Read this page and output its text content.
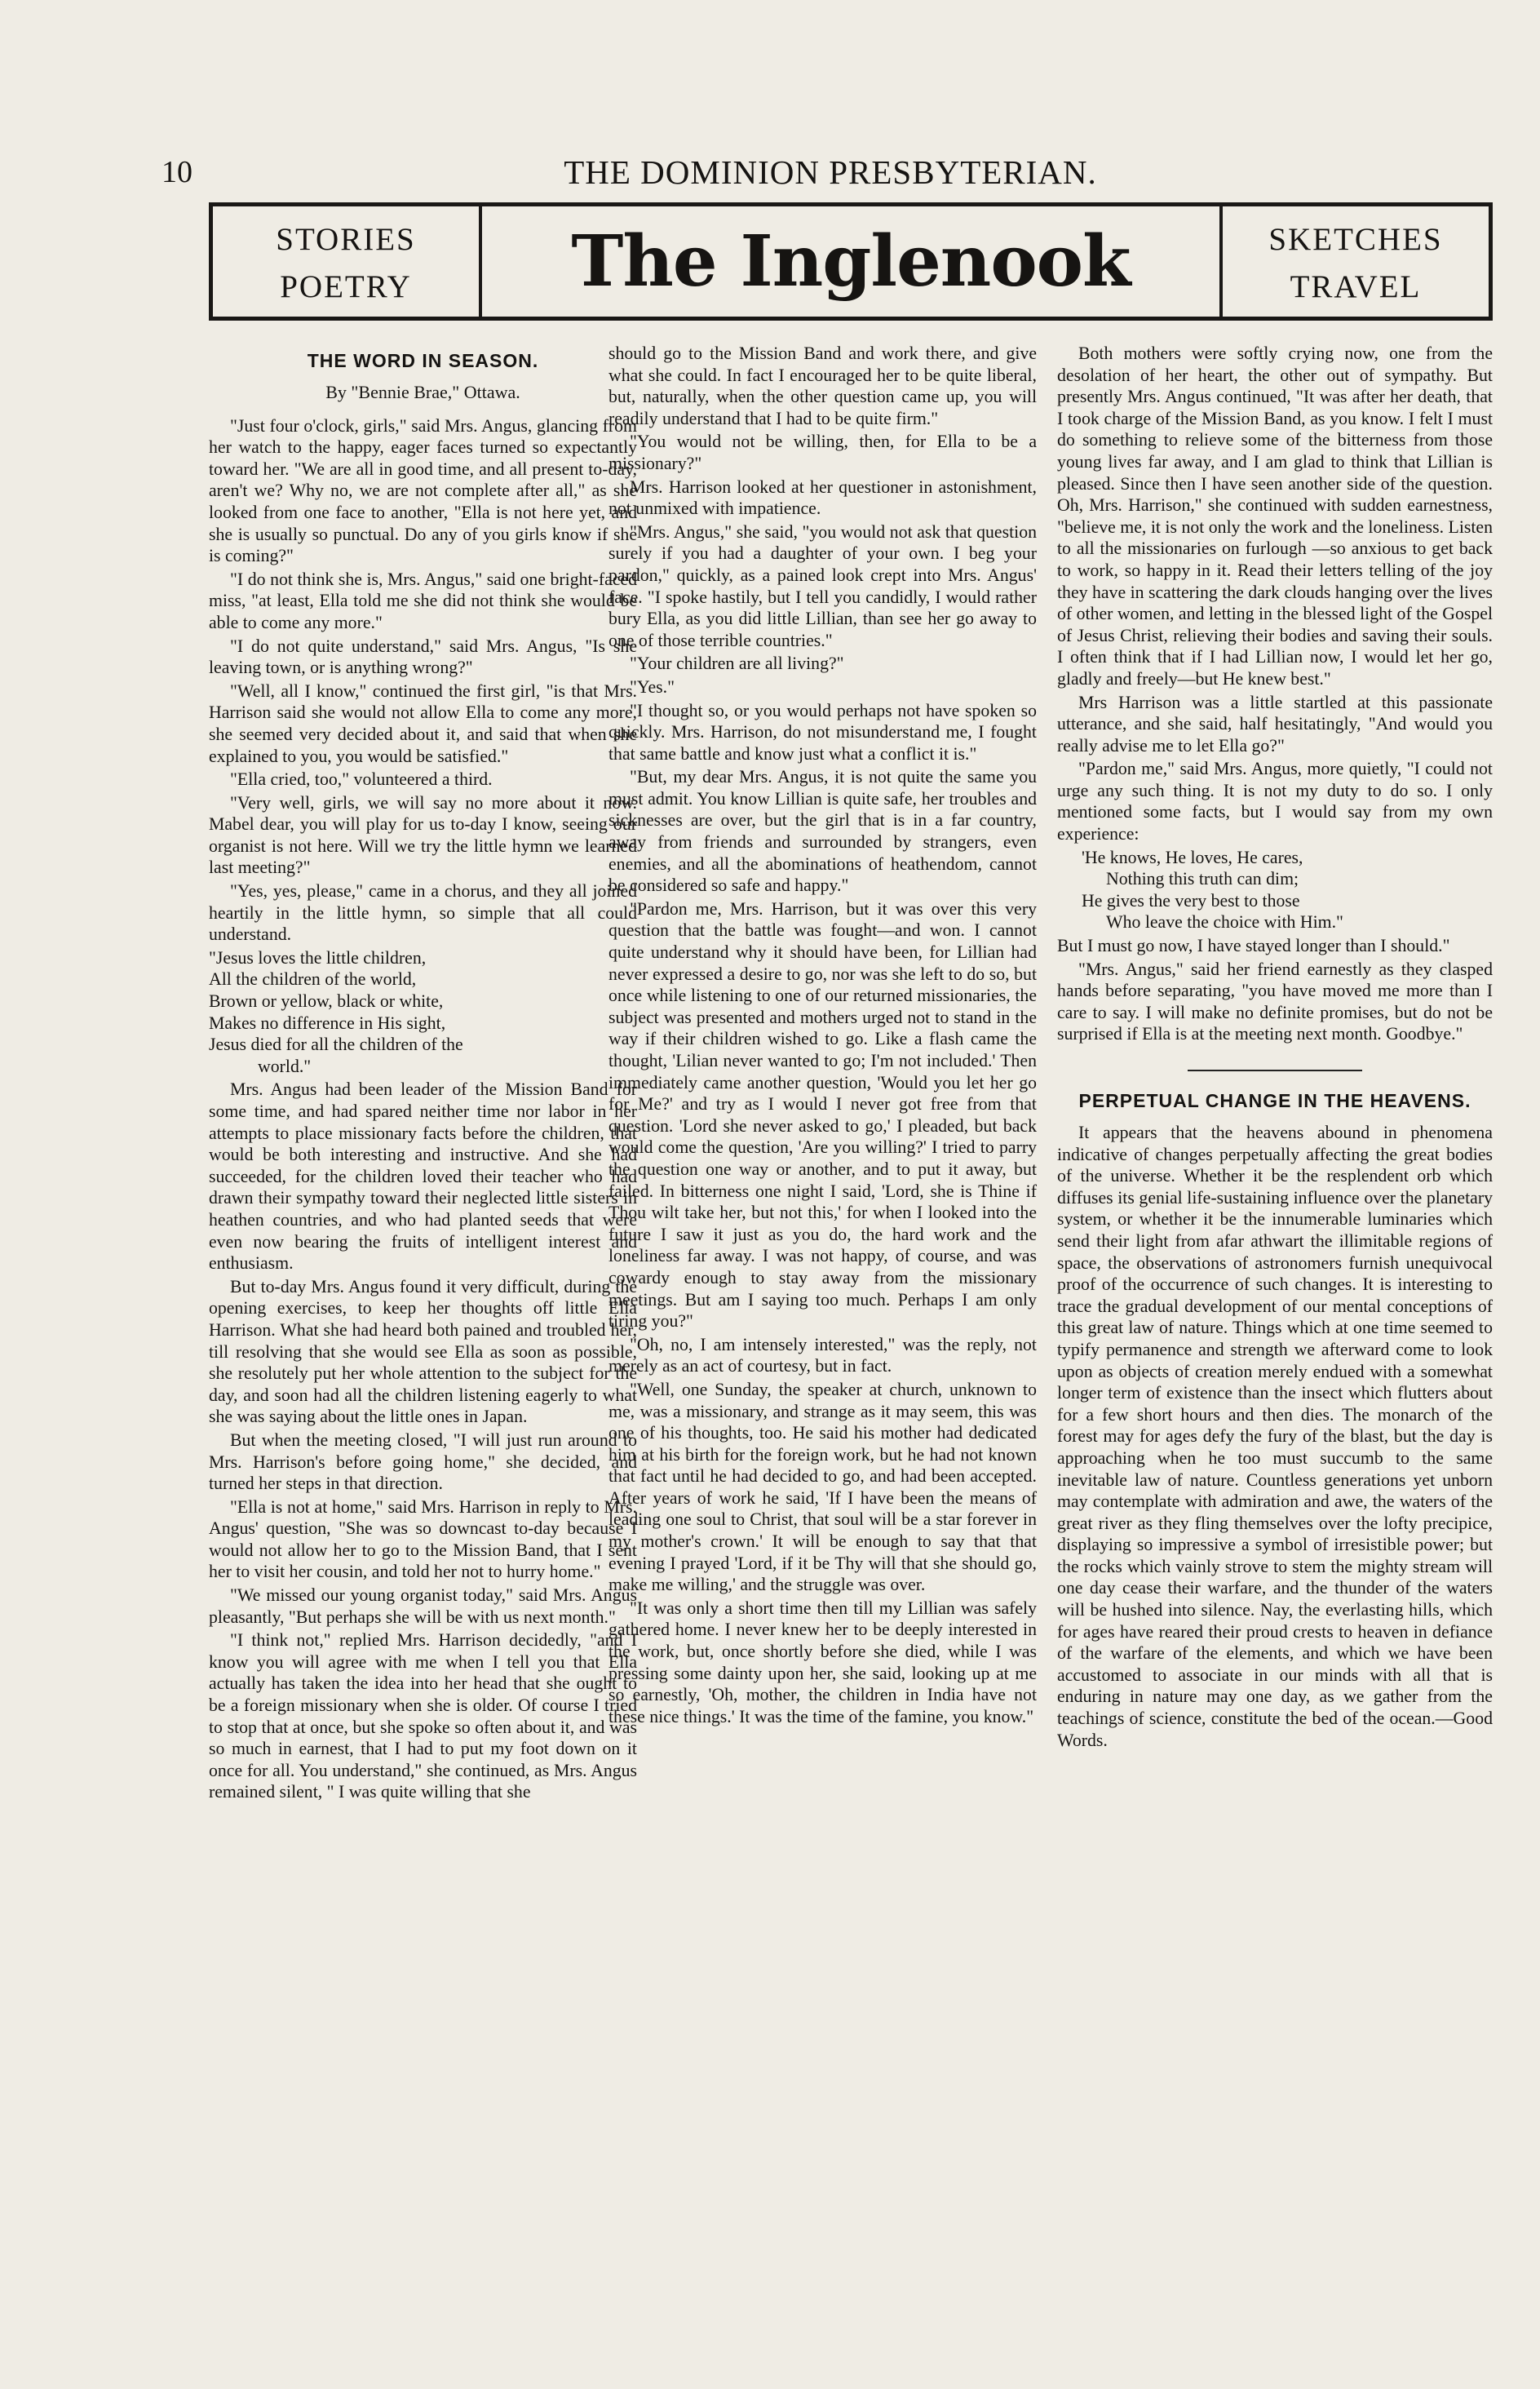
10	THE DOMINION PRESBYTERIAN.
STORIES
POETRY	The Inglenook	SKETCHES
TRAVEL
THE WORD IN SEASON.
By "Bennie Brae," Ottawa.

"Just four o'clock, girls," said Mrs. Angus, glancing from her watch to the happy, eager faces turned so expectantly toward her. "We are all in good time, and all present to-day, aren't we? Why no, we are not complete after all," as she looked from one face to another, "Ella is not here yet, and she is usually so punctual. Do any of you girls know if she is coming?"

"I do not think she is, Mrs. Angus," said one bright-faced miss, "at least, Ella told me she did not think she would be able to come any more."

"I do not quite understand," said Mrs. Angus, "Is she leaving town, or is anything wrong?"

"Well, all I know," continued the first girl, "is that Mrs. Harrison said she would not allow Ella to come any more, she seemed very decided about it, and said that when she explained to you, you would be satisfied."

"Ella cried, too," volunteered a third.

"Very well, girls, we will say no more about it now. Mabel dear, you will play for us to-day I know, seeing our organist is not here. Will we try the little hymn we learned last meeting?"

"Yes, yes, please," came in a chorus, and they all joined heartily in the little hymn, so simple that all could understand.

"Jesus loves the little children,
All the children of the world,
Brown or yellow, black or white,
Makes no difference in His sight,
Jesus died for all the children of the
world."

Mrs. Angus had been leader of the Mission Band for some time, and had spared neither time nor labor in her attempts to place missionary facts before the children, that would be both interesting and instructive. And she had succeeded, for the children loved their teacher who had drawn their sympathy toward their neglected little sisters in heathen countries, and who had planted seeds that were even now bearing the fruits of intelligent interest and enthusiasm.

But to-day Mrs. Angus found it very difficult, during the opening exercises, to keep her thoughts off little Ella Harrison. What she had heard both pained and troubled her, till resolving that she would see Ella as soon as possible, she resolutely put her whole attention to the subject for the day, and soon had all the children listening eagerly to what she was saying about the little ones in Japan.

But when the meeting closed, "I will just run around to Mrs. Harrison's before going home," she decided, and turned her steps in that direction.

"Ella is not at home," said Mrs. Harrison in reply to Mrs. Angus' question, "She was so downcast to-day because I would not allow her to go to the Mission Band, that I sent her to visit her cousin, and told her not to hurry home."

"We missed our young organist today," said Mrs. Angus pleasantly, "But perhaps she will be with us next month."

"I think not," replied Mrs. Harrison decidedly, "and I know you will agree with me when I tell you that Ella actually has taken the idea into her head that she ought to be a foreign missionary when she is older. Of course I tried to stop that at once, but she spoke so often about it, and was so much in earnest, that I had to put my foot down on it once for all. You understand," she continued, as Mrs. Angus remained silent, " I was quite willing that she

should go to the Mission Band and work there, and give what she could. In fact I encouraged her to be quite liberal, but, naturally, when the other question came up, you will readily understand that I had to be quite firm."

"You would not be willing, then, for Ella to be a missionary?"

Mrs. Harrison looked at her questioner in astonishment, not unmixed with impatience.

"Mrs. Angus," she said, "you would not ask that question surely if you had a daughter of your own. I beg your pardon," quickly, as a pained look crept into Mrs. Angus' face. "I spoke hastily, but I tell you candidly, I would rather bury Ella, as you did little Lillian, than see her go away to one of those terrible countries."

"Your children are all living?"

"Yes."

"I thought so, or you would perhaps not have spoken so quickly. Mrs. Harrison, do not misunderstand me, I fought that same battle and know just what a conflict it is."

"But, my dear Mrs. Angus, it is not quite the same you must admit. You know Lillian is quite safe, her troubles and sicknesses are over, but the girl that is in a far country, away from friends and surrounded by strangers, even enemies, and all the abominations of heathendom, cannot be considered so safe and happy."

"Pardon me, Mrs. Harrison, but it was over this very question that the battle was fought—and won. I cannot quite understand why it should have been, for Lillian had never expressed a desire to go, nor was she left to do so, but once while listening to one of our returned missionaries, the subject was presented and mothers urged not to stand in the way if their children wished to go. Like a flash came the thought, 'Lilian never wanted to go; I'm not included.' Then immediately came another question, 'Would you let her go for Me?' and try as I would I never got free from that question. 'Lord she never asked to go,' I pleaded, but back would come the question, 'Are you willing?' I tried to parry the question one way or another, and to put it away, but failed. In bitterness one night I said, 'Lord, she is Thine if Thou wilt take her, but not this,' for when I looked into the future I saw it just as you do, the hard work and the loneliness far away. I was not happy, of course, and was cowardy enough to stay away from the missionary meetings. But am I saying too much. Perhaps I am only tiring you?"

"Oh, no, I am intensely interested," was the reply, not merely as an act of courtesy, but in fact.

"Well, one Sunday, the speaker at church, unknown to me, was a missionary, and strange as it may seem, this was one of his thoughts, too. He said his mother had dedicated him at his birth for the foreign work, but he had not known that fact until he had decided to go, and had been accepted. After years of work he said, 'If I have been the means of leading one soul to Christ, that soul will be a star forever in my mother's crown.' It will be enough to say that that evening I prayed 'Lord, if it be Thy will that she should go, make me willing,' and the struggle was over.

"It was only a short time then till my Lillian was safely gathered home. I never knew her to be deeply interested in the work, but, once shortly before she died, while I was pressing some dainty upon her, she said, looking up at me so earnestly, 'Oh, mother, the children in India have not these nice things.' It was the time of the famine, you know."

Both mothers were softly crying now, one from the desolation of her heart, the other out of sympathy. But presently Mrs. Angus continued, "It was after her death, that I took charge of the Mission Band, as you know. I felt I must do something to relieve some of the bitterness from those young lives far away, and I am glad to think that Lillian is pleased. Since then I have seen another side of the question. Oh, Mrs. Harrison," she continued with sudden earnestness, "believe me, it is not only the work and the loneliness. Listen to all the missionaries on furlough —so anxious to get back to work, so happy in it. Read their letters telling of the joy they have in scattering the dark clouds hanging over the lives of other women, and letting in the blessed light of the Gospel of Jesus Christ, relieving their bodies and saving their souls. I often think that if I had Lillian now, I would let her go, gladly and freely—but He knew best."

Mrs Harrison was a little startled at this passionate utterance, and she said, half hesitatingly, "And would you really advise me to let Ella go?"

"Pardon me," said Mrs. Angus, more quietly, "I could not urge any such thing. It is not my duty to do so. I only mentioned some facts, but I would say from my own experience:

'He knows, He loves, He cares,
Nothing this truth can dim;
He gives the very best to those
Who leave the choice with Him."

But I must go now, I have stayed longer than I should."

"Mrs. Angus," said her friend earnestly as they clasped hands before separating, "you have moved me more than I care to say. I will make no definite promises, but do not be surprised if Ella is at the meeting next month. Goodbye."

PERPETUAL CHANGE IN THE HEAVENS.

It appears that the heavens abound in phenomena indicative of changes perpetually affecting the great bodies of the universe. Whether it be the resplendent orb which diffuses its genial life-sustaining influence over the planetary system, or whether it be the innumerable luminaries which send their light from afar athwart the illimitable regions of space, the observations of astronomers furnish unequivocal proof of the occurrence of such changes. It is interesting to trace the gradual development of our mental conceptions of this great law of nature. Things which at one time seemed to typify permanence and strength we afterward come to look upon as objects of creation merely endued with a somewhat longer term of existence than the insect which flutters about for a few short hours and then dies. The monarch of the forest may for ages defy the fury of the blast, but the day is approaching when he too must succumb to the same inevitable law of nature. Countless generations yet unborn may contemplate with admiration and awe, the waters of the great river as they fling themselves over the lofty precipice, displaying so impressive a symbol of irresistible power; but the rocks which vainly strove to stem the mighty stream will one day cease their warfare, and the thunder of the waters will be hushed into silence. Nay, the everlasting hills, which for ages have reared their proud crests to heaven in defiance of the warfare of the elements, and which we have been accustomed to associate in our minds with all that is enduring in nature may one day, as we gather from the teachings of science, constitute the bed of the ocean.—Good Words.
